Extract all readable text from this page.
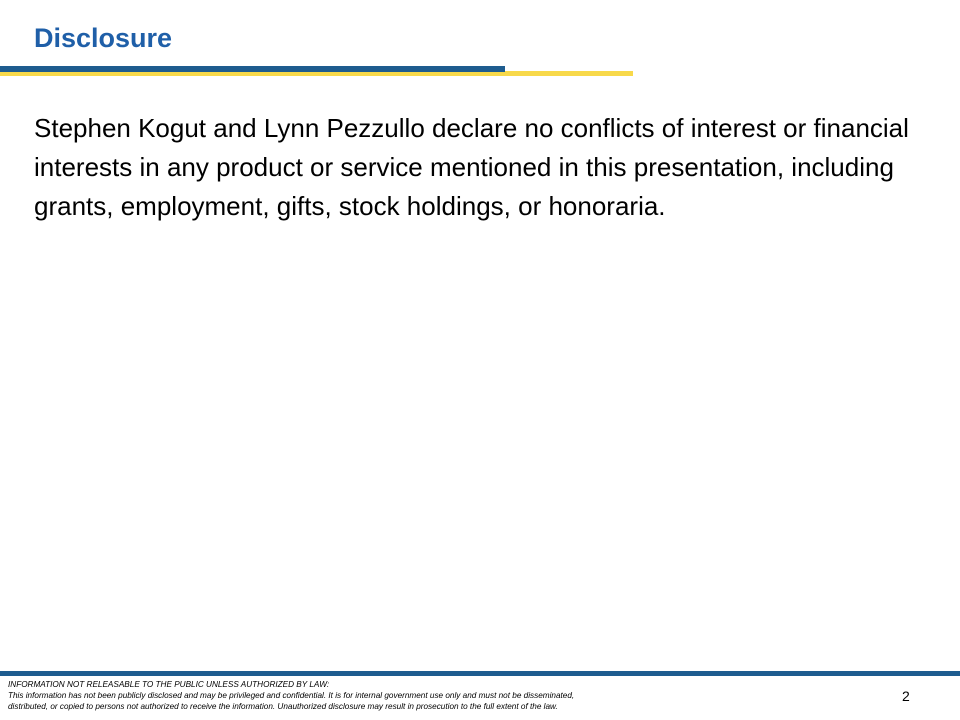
Disclosure
Stephen Kogut and Lynn Pezzullo declare no conflicts of interest or financial interests in any product or service mentioned in this presentation, including grants, employment, gifts, stock holdings, or honoraria.
INFORMATION NOT RELEASABLE TO THE PUBLIC UNLESS AUTHORIZED BY LAW:
This information has not been publicly disclosed and may be privileged and confidential. It is for internal government use only and must not be disseminated,
distributed, or copied to persons not authorized to receive the information. Unauthorized disclosure may result in prosecution to the full extent of the law.
2
